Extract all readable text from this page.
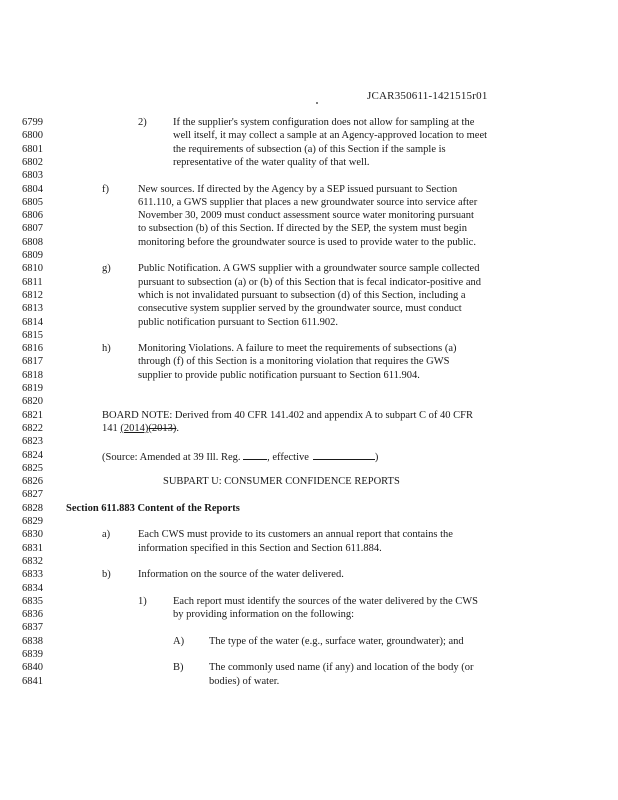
JCAR350611-1421515r01
6799
6800
6801
6802
6803
6804
6805
6806
6807
6808
6809
6810
6811
6812
6813
6814
6815
6816
6817
6818
6819
6820
6821
6822
6823
6824
6825
6826
6827
6828
6829
6830
6831
6832
6833
6834
6835
6836
6837
6838
6839
6840
6841
2)	If the supplier's system configuration does not allow for sampling at the
well itself, it may collect a sample at an Agency-approved location to meet
the requirements of subsection (a) of this Section if the sample is
representative of the water quality of that well.
f)	New sources. If directed by the Agency by a SEP issued pursuant to Section
611.110, a GWS supplier that places a new groundwater source into service after
November 30, 2009 must conduct assessment source water monitoring pursuant
to subsection (b) of this Section. If directed by the SEP, the system must begin
monitoring before the groundwater source is used to provide water to the public.
g)	Public Notification. A GWS supplier with a groundwater source sample collected
pursuant to subsection (a) or (b) of this Section that is fecal indicator-positive and
which is not invalidated pursuant to subsection (d) of this Section, including a
consecutive system supplier served by the groundwater source, must conduct
public notification pursuant to Section 611.902.
h)	Monitoring Violations. A failure to meet the requirements of subsections (a)
through (f) of this Section is a monitoring violation that requires the GWS
supplier to provide public notification pursuant to Section 611.904.
BOARD NOTE: Derived from 40 CFR 141.402 and appendix A to subpart C of 40 CFR
141 (2014)(2013).
(Source: Amended at 39 Ill. Reg. , effective	)
SUBPART U: CONSUMER CONFIDENCE REPORTS
Section 611.883 Content of the Reports
a)	Each CWS must provide to its customers an annual report that contains the
information specified in this Section and Section 611.884.
b)	Information on the source of the water delivered.
1)	Each report must identify the sources of the water delivered by the CWS
by providing information on the following:
A) The type of the water (e.g., surface water, groundwater); and
B) The commonly used name (if any) and location of the body (or
bodies) of water.
